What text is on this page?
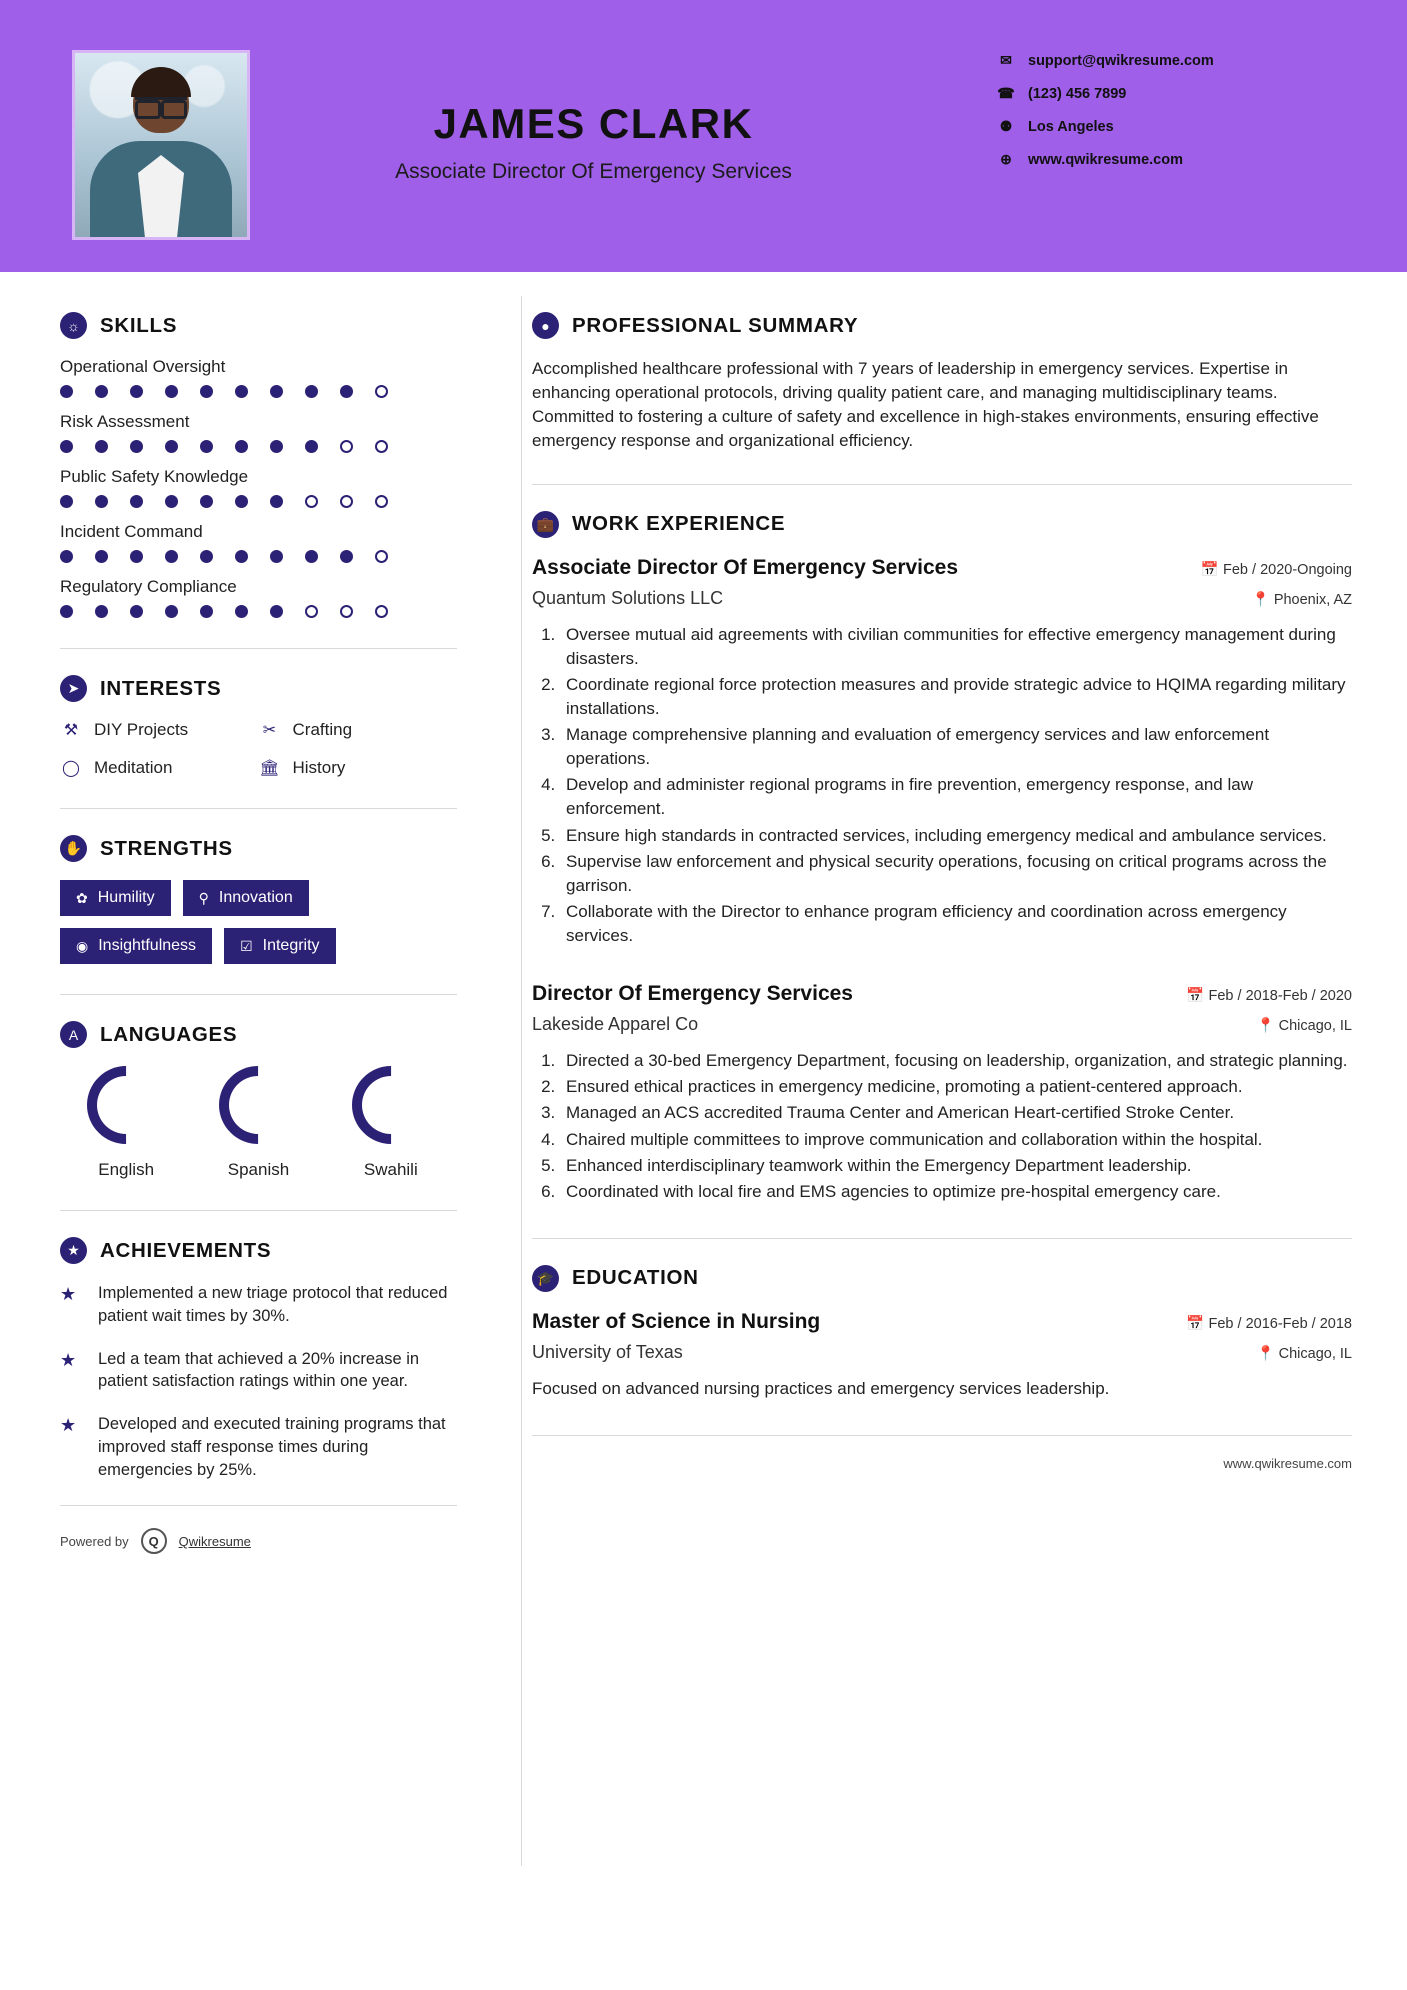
JAMES CLARK
Associate Director Of Emergency Services
✉ support@qwikresume.com
☎ (123) 456 7899
⚉ Los Angeles
⊕ www.qwikresume.com
☼ SKILLS
Operational Oversight
Risk Assessment
Public Safety Knowledge
Incident Command
Regulatory Compliance
➤	INTERESTS
⚒ DIY Projects	✂ Crafting
◯ Meditation	🏛 History
✋ STRENGTHS
✿ Humility	⚲ Innovation
◉ Insightfulness	☑ Integrity
A	LANGUAGES
English	Spanish	Swahili
★ ACHIEVEMENTS
★	Implemented a new triage protocol that reduced patient wait times by 30%.
★	Led a team that achieved a 20% increase in patient satisfaction ratings within one year.
★	Developed and executed training programs that improved staff response times during emergencies by 25%.
Powered by	Q	Qwikresume
●	PROFESSIONAL SUMMARY
Accomplished healthcare professional with 7 years of leadership in emergency services. Expertise in enhancing operational protocols, driving quality patient care, and managing multidisciplinary teams. Committed to fostering a culture of safety and excellence in high-stakes environments, ensuring effective emergency response and organizational efficiency.
💼 WORK EXPERIENCE
Associate Director Of Emergency Services	📅 Feb / 2020-Ongoing
Quantum Solutions LLC	📍 Phoenix, AZ
1. Oversee mutual aid agreements with civilian communities for effective emergency management during disasters.
2. Coordinate regional force protection measures and provide strategic advice to HQIMA regarding military installations.
3. Manage comprehensive planning and evaluation of emergency services and law enforcement operations.
4. Develop and administer regional programs in fire prevention, emergency response, and law enforcement.
5. Ensure high standards in contracted services, including emergency medical and ambulance services.
6. Supervise law enforcement and physical security operations, focusing on critical programs across the garrison.
7. Collaborate with the Director to enhance program efficiency and coordination across emergency services.
Director Of Emergency Services	📅 Feb / 2018-Feb / 2020
Lakeside Apparel Co	📍 Chicago, IL
1. Directed a 30-bed Emergency Department, focusing on leadership, organization, and strategic planning.
2. Ensured ethical practices in emergency medicine, promoting a patient-centered approach.
3. Managed an ACS accredited Trauma Center and American Heart-certified Stroke Center.
4. Chaired multiple committees to improve communication and collaboration within the hospital.
5. Enhanced interdisciplinary teamwork within the Emergency Department leadership.
6. Coordinated with local fire and EMS agencies to optimize pre-hospital emergency care.
🎓 EDUCATION
Master of Science in Nursing	📅 Feb / 2016-Feb / 2018
University of Texas	📍 Chicago, IL
Focused on advanced nursing practices and emergency services leadership.
www.qwikresume.com
